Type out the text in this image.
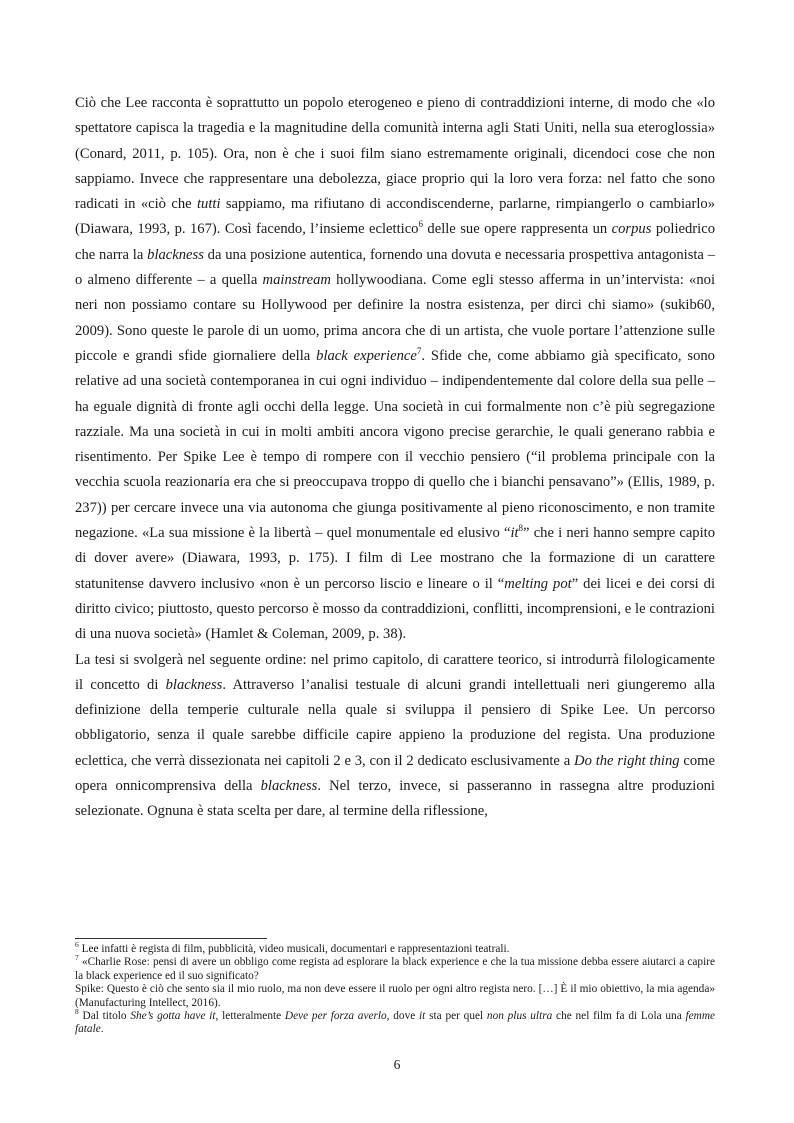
Ciò che Lee racconta è soprattutto un popolo eterogeneo e pieno di contraddizioni interne, di modo che «lo spettatore capisca la tragedia e la magnitudine della comunità interna agli Stati Uniti, nella sua eteroglossia» (Conard, 2011, p. 105). Ora, non è che i suoi film siano estremamente originali, dicendoci cose che non sappiamo. Invece che rappresentare una debolezza, giace proprio qui la loro vera forza: nel fatto che sono radicati in «ciò che tutti sappiamo, ma rifiutano di accondiscenderne, parlarne, rimpiangerlo o cambiarlo» (Diawara, 1993, p. 167). Così facendo, l’insieme eclettico$^6$ delle sue opere rappresenta un corpus poliedrico che narra la blackness da una posizione autentica, fornendo una dovuta e necessaria prospettiva antagonista – o almeno differente – a quella mainstream hollywoodiana. Come egli stesso afferma in un’intervista: «noi neri non possiamo contare su Hollywood per definire la nostra esistenza, per dirci chi siamo» (sukib60, 2009). Sono queste le parole di un uomo, prima ancora che di un artista, che vuole portare l’attenzione sulle piccole e grandi sfide giornaliere della black experience$^7$. Sfide che, come abbiamo già specificato, sono relative ad una società contemporanea in cui ogni individuo – indipendentemente dal colore della sua pelle – ha eguale dignità di fronte agli occhi della legge. Una società in cui formalmente non c’è più segregazione razziale. Ma una società in cui in molti ambiti ancora vigono precise gerarchie, le quali generano rabbia e risentimento. Per Spike Lee è tempo di rompere con il vecchio pensiero (“il problema principale con la vecchia scuola reazionaria era che si preoccupava troppo di quello che i bianchi pensavano”» (Ellis, 1989, p. 237)) per cercare invece una via autonoma che giunga positivamente al pieno riconoscimento, e non tramite negazione. «La sua missione è la libertà – quel monumentale ed elusivo “$it^8$” che i neri hanno sempre capito di dover avere» (Diawara, 1993, p. 175). I film di Lee mostrano che la formazione di un carattere statunitense davvero inclusivo «non è un percorso liscio e lineare o il “melting pot” dei licei e dei corsi di diritto civico; piuttosto, questo percorso è mosso da contraddizioni, conflitti, incomprensioni, e le contrazioni di una nuova società» (Hamlet & Coleman, 2009, p. 38).

La tesi si svolgerà nel seguente ordine: nel primo capitolo, di carattere teorico, si introdurrà filologicamente il concetto di blackness. Attraverso l’analisi testuale di alcuni grandi intellettuali neri giungeremo alla definizione della temperie culturale nella quale si sviluppa il pensiero di Spike Lee. Un percorso obbligatorio, senza il quale sarebbe difficile capire appieno la produzione del regista. Una produzione eclettica, che verrà dissezionata nei capitoli 2 e 3, con il 2 dedicato esclusivamente a Do the right thing come opera onnicomprensiva della blackness. Nel terzo, invece, si passeranno in rassegna altre produzioni selezionate. Ognuna è stata scelta per dare, al termine della riflessione,

$^6$ Lee infatti è regista di film, pubblicità, video musicali, documentari e rappresentazioni teatrali.

$^7$ «Charlie Rose: pensi di avere un obbligo come regista ad esplorare la black experience e che la tua missione debba essere aiutarci a capire la black experience ed il suo significato?

Spike: Questo è ciò che sento sia il mio ruolo, ma non deve essere il ruolo per ogni altro regista nero. […] È il mio obiettivo, la mia agenda» (Manufacturing Intellect, 2016).

$^8$ Dal titolo She’s gotta have it, letteralmente Deve per forza averlo, dove it sta per quel non plus ultra che nel film fa di Lola una femme fatale.

6
